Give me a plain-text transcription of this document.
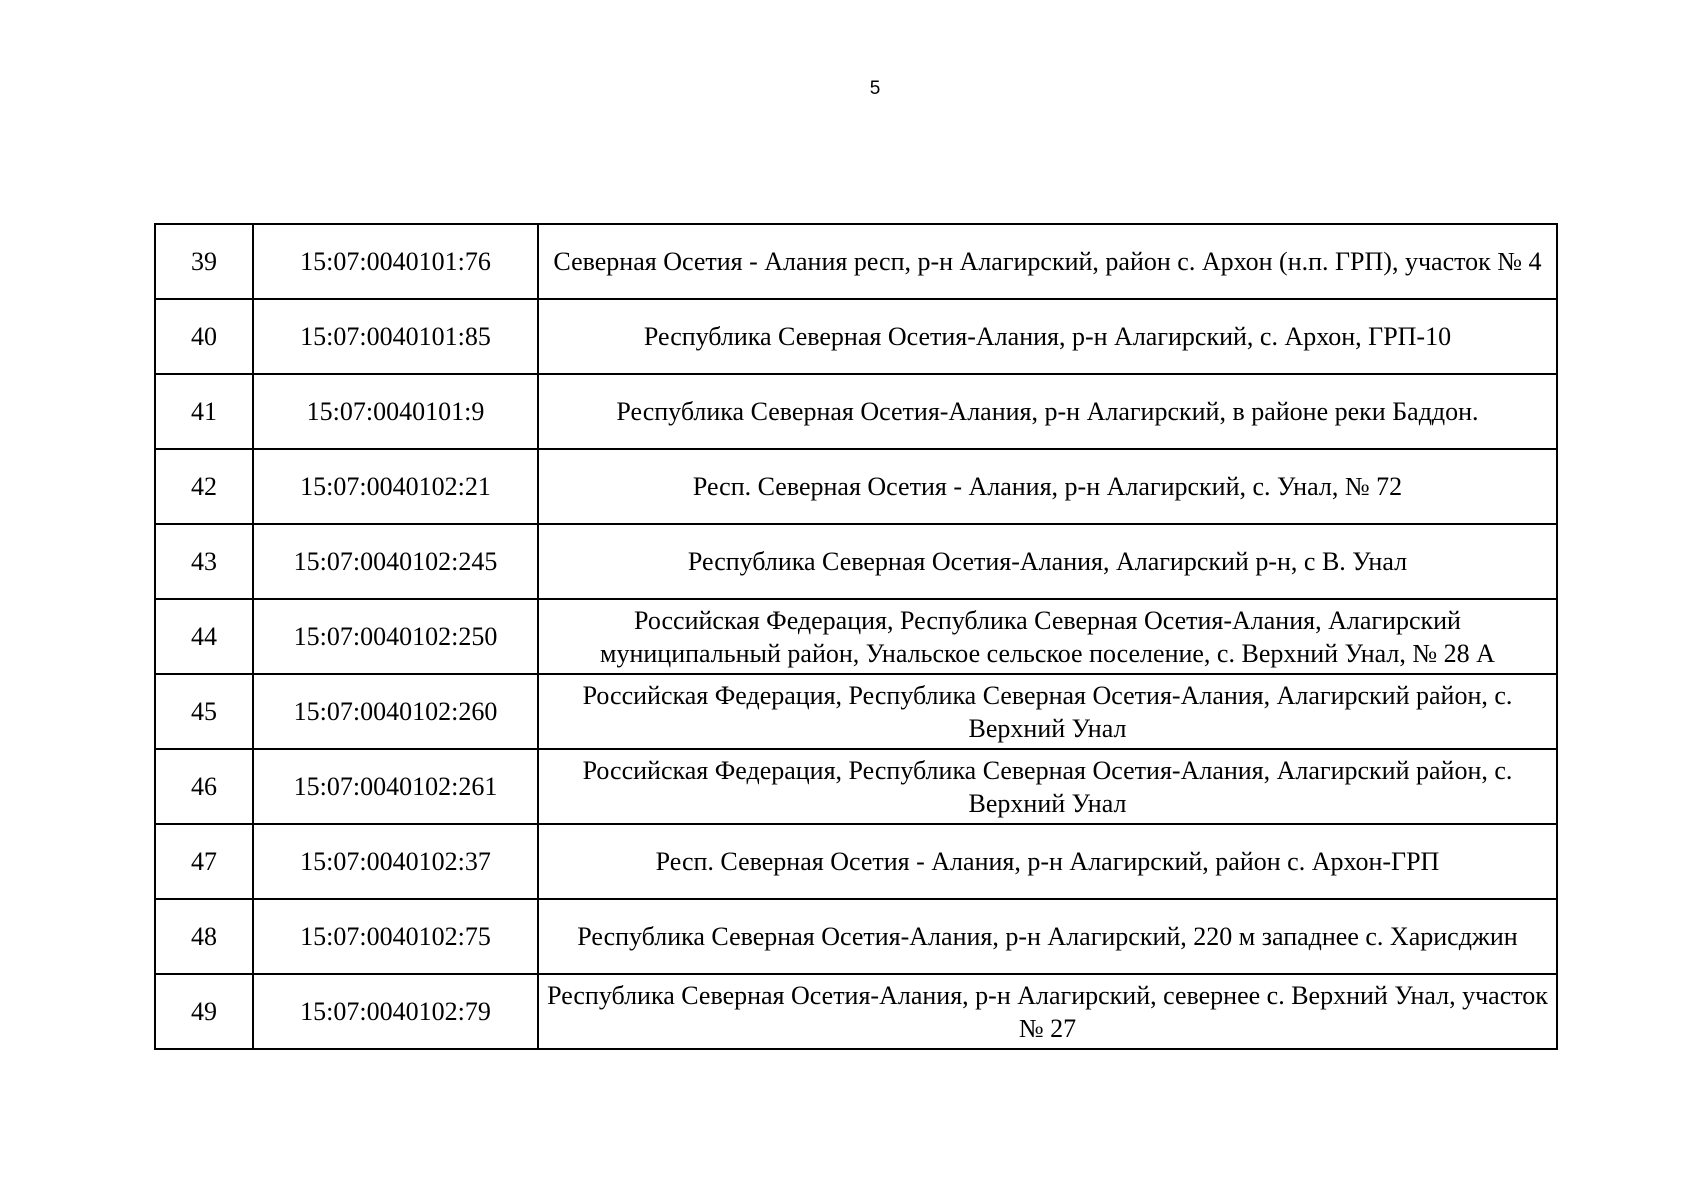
5
39	15:07:0040101:76	Северная Осетия - Алания респ, р-н Алагирский, район с. Архон (н.п. ГРП), участок № 4
40	15:07:0040101:85	Республика Северная Осетия-Алания, р-н Алагирский, с. Архон, ГРП-10
41	15:07:0040101:9	Республика Северная Осетия-Алания, р-н Алагирский, в районе реки Баддон.
42	15:07:0040102:21	Респ. Северная Осетия - Алания, р-н Алагирский, с. Унал, № 72
43	15:07:0040102:245	Республика Северная Осетия-Алания, Алагирский р-н, с В. Унал
44	15:07:0040102:250	Российская Федерация, Республика Северная Осетия-Алания, Алагирский муниципальный район, Унальское сельское поселение, с. Верхний Унал, № 28 А
45	15:07:0040102:260	Российская Федерация, Республика Северная Осетия-Алания, Алагирский район, с. Верхний Унал
46	15:07:0040102:261	Российская Федерация, Республика Северная Осетия-Алания, Алагирский район, с. Верхний Унал
47	15:07:0040102:37	Респ. Северная Осетия - Алания, р-н Алагирский, район с. Архон-ГРП
48	15:07:0040102:75	Республика Северная Осетия-Алания, р-н Алагирский, 220 м западнее с. Харисджин
49	15:07:0040102:79	Республика Северная Осетия-Алания, р-н Алагирский, севернее с. Верхний Унал, участок № 27
